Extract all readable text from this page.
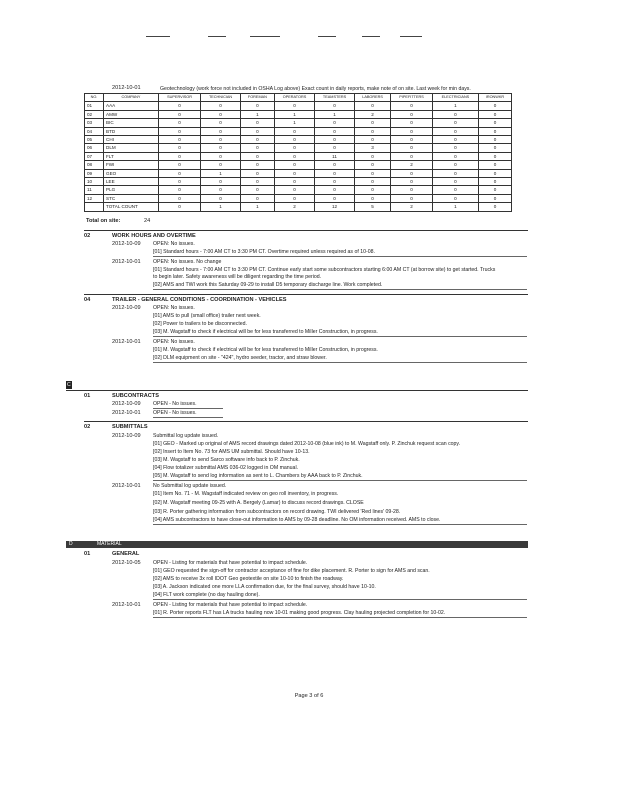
2012-10-01	Geotechnology (work force not included in OSHA Log above) Exact count in daily reports, make note of on site. Last week for min days.
NO.	COMPANY	SUPERVISOR	TECHNICIAN	FOREMAN	OPERATORS	TEAMSTERS	LABORERS	PIPEFITTERS	ELECTRICIANS	IRONWKR
01	AAA	0	0	0	0	0	0	0	1	0
02	AMW	0	0	1	1	1	2	0	0	0
03	BIC	0	0	0	1	0	0	0	0	0
04	BTD	0	0	0	0	0	0	0	0	0
05	CHI	0	0	0	0	0	0	0	0	0
06	DLM	0	0	0	0	0	3	0	0	0
07	FLT	0	0	0	0	11	0	0	0	0
08	FWI	0	0	0	0	0	0	2	0	0
09	GEO	0	1	0	0	0	0	0	0	0
10	LEE	0	0	0	0	0	0	0	0	0
11	PLG	0	0	0	0	0	0	0	0	0
12	STC	0	0	0	0	0	0	0	0	0
	TOTAL COUNT	0	1	1	2	12	5	2	1	0
Total on site:	24
02	WORK HOURS AND OVERTIME
2012-10-09 OPEN: No issues.
[01] Standard hours - 7:00 AM CT to 3:30 PM CT. Overtime required unless required as of 10-08.
2012-10-01 OPEN: No issues. No change
[01] Standard hours - 7:00 AM CT to 3:30 PM CT. Continue early start some subcontractors starting 6:00 AM CT (at borrow site) to get started. Trucks
to begin later. Safety awareness will be diligent regarding the time period.
[02] AMS and TWI work this Saturday 09-29 to install D5 temporary discharge line. Work completed.
04	TRAILER - GENERAL CONDITIONS - COORDINATION - VEHICLES
2012-10-09 OPEN: No issues.
[01] AMS to pull (small office) trailer next week.
[02] Power to trailers to be disconnected.
[03] M. Wagstaff to check if electrical will be for less transferred to Miller Construction, in progress.
2012-10-01 OPEN: No issues.
[01] M. Wagstaff to check if electrical will be for less transferred to Miller Construction, in progress.
[02] DLM equipment on site - "424", hydro seeder, tractor, and straw blower.
C
01	SUBCONTRACTS
2012-10-09 OPEN - No issues.
2012-10-01 OPEN - No issues.
02	SUBMITTALS
2012-10-09 Submittal log update issued.
[01] GEO - Marked up original of AMS record drawings dated 2012-10-08 (blue ink) to M. Wagstaff only. P. Zinchuk request scan copy.
[02] Insert to Item No. 73 for AMS UM submittal. Should have 10-13.
[03] M. Wagstaff to send Sarco software info back to P. Zinchuk.
[04] Flow totalizer submittal AMS 036-02 logged in OM manual.
[05] M. Wagstaff to send log information as sent to L. Chambers by AAA back to P. Zinchuk.
2012-10-01 No Submittal log update issued.
[01] Item No. 71 - M. Wagstaff indicated review on geo roll inventory, in progress.
[02] M. Wagstaff meeting 09-25 with A. Bergely (Lamar) to discuss record drawings. CLOSE
[03] R. Porter gathering information from subcontractors on record drawing. TWI delivered 'Red lines' 09-28.
[04] AMS subcontractors to have close-out information to AMS by 09-28 deadline. No OM information received. AMS to close.
D	MATERIAL
01	GENERAL
2012-10-05 OPEN - Listing for materials that have potential to impact schedule.
[01] GEO requested the sign-off for contractor acceptance of fine for dike placement. R. Porter to sign for AMS and scan.
[02] AMS to receive 3x roll IDOT Geo geotextile on site 10-10 to finish the roadway.
[03] A. Jackson indicated one more LLA confirmation due, for the final survey, should have 10-10.
[04] FLT work complete (no day hauling done).
2012-10-01 OPEN - Listing for materials that have potential to impact schedule.
[01] R. Porter reports FLT has LA trucks hauling now 10-01 making good progress. Clay hauling projected completion for 10-02.
Page 3 of 6
